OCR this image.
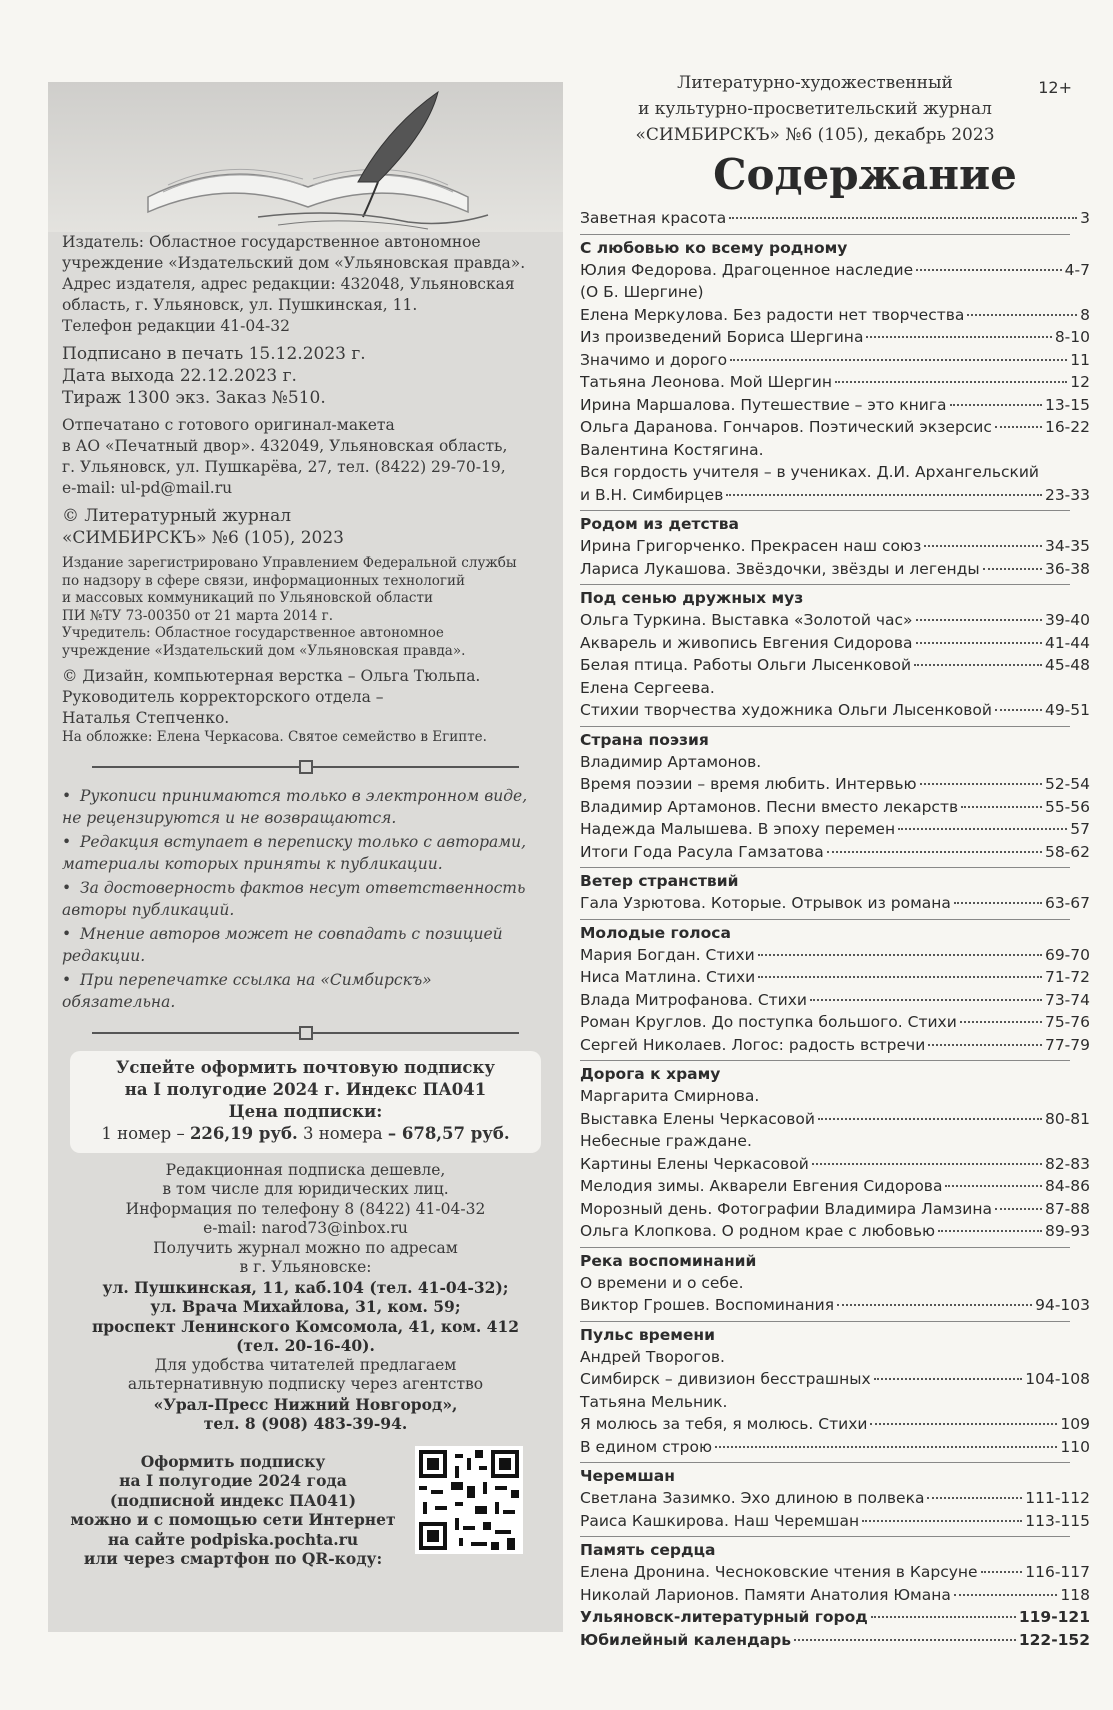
Издатель: Областное государственное автономное
учреждение «Издательский дом «Ульяновская правда».
Адрес издателя, адрес редакции: 432048, Ульяновская
область, г. Ульяновск, ул. Пушкинская, 11.
Телефон редакции 41-04-32
Подписано в печать 15.12.2023 г.
Дата выхода 22.12.2023 г.
Тираж 1300 экз. Заказ №510.
Отпечатано с готового оригинал-макета
в АО «Печатный двор». 432049, Ульяновская область,
г. Ульяновск, ул. Пушкарёва, 27, тел. (8422) 29-70-19,
e-mail: ul-pd@mail.ru
© Литературный журнал
«СИМБИРСКЪ» №6 (105), 2023
Издание зарегистрировано Управлением Федеральной службы
по надзору в сфере связи, информационных технологий
и массовых коммуникаций по Ульяновской области
ПИ №ТУ 73-00350 от 21 марта 2014 г.
Учредитель: Областное государственное автономное
учреждение «Издательский дом «Ульяновская правда».
© Дизайн, компьютерная верстка – Ольга Тюльпа.
Руководитель корректорского отдела –
Наталья Степченко.
На обложке: Елена Черкасова. Святое семейство в Египте.
• Рукописи принимаются только в электронном виде, не рецензируются и не возвращаются.
• Редакция вступает в переписку только с авторами, материалы которых приняты к публикации.
• За достоверность фактов несут ответственность авторы публикаций.
• Мнение авторов может не совпадать с позицией редакции.
• При перепечатке ссылка на «Симбирскъ» обязательна.
Успейте оформить почтовую подписку
на I полугодие 2024 г. Индекс ПА041
Цена подписки:
1 номер – 226,19 руб. 3 номера – 678,57 руб.
Редакционная подписка дешевле,
в том числе для юридических лиц.
Информация по телефону 8 (8422) 41-04-32
e-mail: narod73@inbox.ru
Получить журнал можно по адресам
в г. Ульяновске:
ул. Пушкинская, 11, каб.104 (тел. 41-04-32);
ул. Врача Михайлова, 31, ком. 59;
проспект Ленинского Комсомола, 41, ком. 412
(тел. 20-16-40).
Для удобства читателей предлагаем
альтернативную подписку через агентство
«Урал-Пресс Нижний Новгород»,
тел. 8 (908) 483-39-94.
Оформить подписку
на I полугодие 2024 года
(подписной индекс ПА041)
можно и с помощью сети Интернет
на сайте podpiska.pochta.ru
или через смартфон по QR-коду:
12+
Литературно-художественный
и культурно-просветительский журнал
«СИМБИРСКЪ» №6 (105), декабрь 2023
Содержание
Заветная красота	3
С любовью ко всему родному
Юлия Федорова. Драгоценное наследие	4-7
(О Б. Шергине)
Елена Меркулова. Без радости нет творчества	8
Из произведений Бориса Шергина	8-10
Значимо и дорого	11
Татьяна Леонова. Мой Шергин	12
Ирина Маршалова. Путешествие – это книга	13-15
Ольга Даранова. Гончаров. Поэтический экзерсис	16-22
Валентина Костягина.
Вся гордость учителя – в учениках. Д.И. Архангельский
и В.Н. Симбирцев	23-33
Родом из детства
Ирина Григорченко. Прекрасен наш союз	34-35
Лариса Лукашова. Звёздочки, звёзды и легенды	36-38
Под сенью дружных муз
Ольга Туркина. Выставка «Золотой час»	39-40
Акварель и живопись Евгения Сидорова	41-44
Белая птица. Работы Ольги Лысенковой	45-48
Елена Сергеева.
Стихии творчества художника Ольги Лысенковой	49-51
Страна поэзия
Владимир Артамонов.
Время поэзии – время любить. Интервью	52-54
Владимир Артамонов. Песни вместо лекарств	55-56
Надежда Малышева. В эпоху перемен	57
Итоги Года Расула Гамзатова	58-62
Ветер странствий
Гала Узрютова. Которые. Отрывок из романа	63-67
Молодые голоса
Мария Богдан. Стихи	69-70
Ниса Матлина. Стихи	71-72
Влада Митрофанова. Стихи	73-74
Роман Круглов. До поступка большого. Стихи	75-76
Сергей Николаев. Логос: радость встречи	77-79
Дорога к храму
Маргарита Смирнова.
Выставка Елены Черкасовой	80-81
Небесные граждане.
Картины Елены Черкасовой	82-83
Мелодия зимы. Акварели Евгения Сидорова	84-86
Морозный день. Фотографии Владимира Ламзина	87-88
Ольга Клопкова. О родном крае с любовью	89-93
Река воспоминаний
О времени и о себе.
Виктор Грошев. Воспоминания	94-103
Пульс времени
Андрей Творогов.
Симбирск – дивизион бесстрашных	104-108
Татьяна Мельник.
Я молюсь за тебя, я молюсь. Стихи	109
В едином строю	110
Черемшан
Светлана Зазимко. Эхо длиною в полвека	111-112
Раиса Кашкирова. Наш Черемшан	113-115
Память сердца
Елена Дронина. Чесноковские чтения в Карсуне	116-117
Николай Ларионов. Памяти Анатолия Юмана	118
Ульяновск-литературный город	119-121
Юбилейный календарь	122-152
